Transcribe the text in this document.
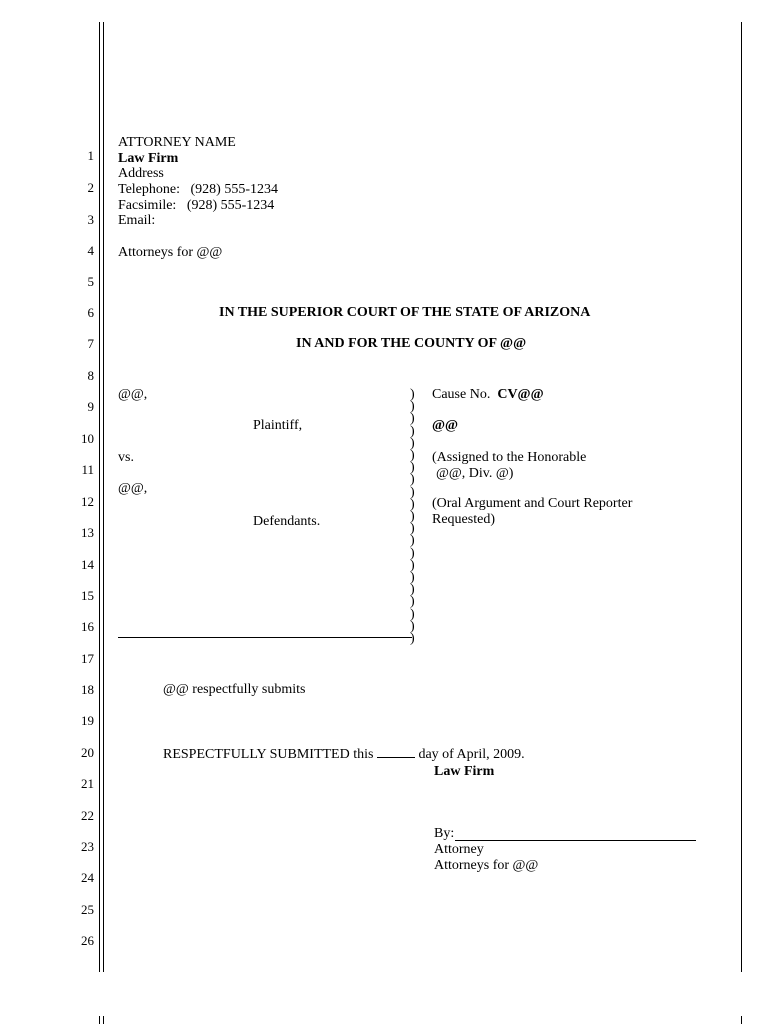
1
2
3
4
5
6
7
8
9
10
11
12
13
14
15
16
17
18
19
20
21
22
23
24
25
26
ATTORNEY NAME
Law Firm
Address
Telephone:   (928) 555-1234
Facsimile:   (928) 555-1234
Email:
Attorneys for @@
IN THE SUPERIOR COURT OF THE STATE OF ARIZONA
IN AND FOR THE COUNTY OF @@
@@,
Plaintiff,
vs.
@@,
Defendants.
)
)
)
)
)
)
)
)
)
)
)
)
)
)
)
)
)
)
)
)
)
Cause No. CV@@
@@
(Assigned to the Honorable
@@, Div. @)
(Oral Argument and Court Reporter
Requested)
@@ respectfully submits
RESPECTFULLY SUBMITTED this	day of April, 2009.
Law Firm
By:
Attorney
Attorneys for @@
